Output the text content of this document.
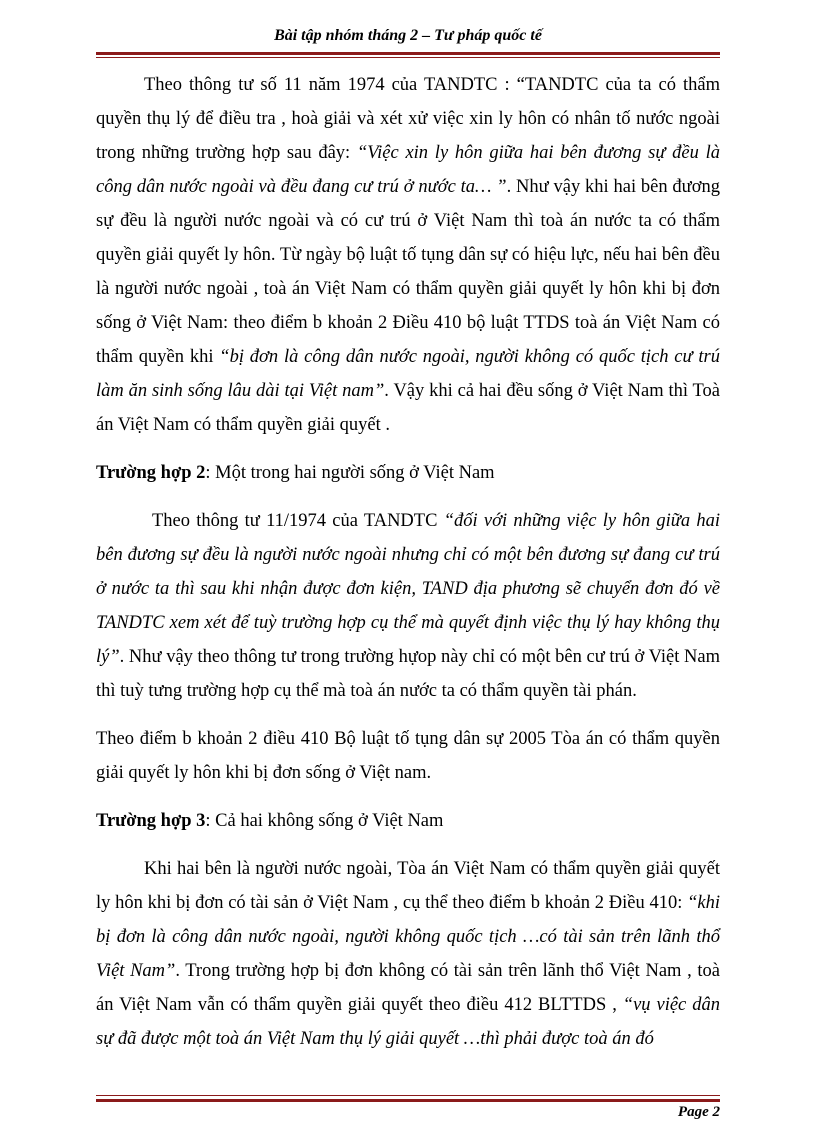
Bài tập nhóm tháng 2 – Tư pháp quốc tế

Theo thông tư số 11 năm 1974 của TANDTC : “TANDTC của ta có thẩm quyền thụ lý để điều tra , hoà giải và xét xử việc xin ly hôn có nhân tố nước ngoài trong những trường hợp sau đây: “Việc xin ly hôn giữa hai bên đương sự đều là công dân nước ngoài và đều đang cư trú ở nước ta… ”. Như vậy khi hai bên đương sự đều là người nước ngoài và có cư trú ở Việt Nam thì toà án nước ta có thẩm quyền giải quyết ly hôn. Từ ngày bộ luật tố tụng dân sự có hiệu lực, nếu hai bên đều là người nước ngoài , toà án Việt Nam có thẩm quyền giải quyết ly hôn khi bị đơn sống ở Việt Nam: theo điểm b khoản 2 Điều 410 bộ luật TTDS toà án Việt Nam có thẩm quyền khi “bị đơn là công dân nước ngoài, người không có quốc tịch cư trú làm ăn sinh sống lâu dài tại Việt nam”. Vậy khi cả hai đều sống ở Việt Nam thì Toà án Việt Nam có thẩm quyền giải quyết .

Trường hợp 2: Một trong hai người sống ở Việt Nam

Theo thông tư 11/1974 của TANDTC “đối với những việc ly hôn giữa hai bên đương sự đều là người nước ngoài nhưng chỉ có một bên đương sự đang cư trú ở nước ta thì sau khi nhận được đơn kiện, TAND địa phương sẽ chuyển đơn đó về TANDTC xem xét để tuỳ trường hợp cụ thể mà quyết định việc thụ lý hay không thụ lý”. Như vậy theo thông tư trong trường hựop này chỉ có một bên cư trú ở Việt Nam thì tuỳ tưng trường hợp cụ thể mà toà án nước ta có thẩm quyền tài phán.

Theo điểm b khoản 2 điều 410 Bộ luật tố tụng dân sự 2005 Tòa án có thẩm quyền giải quyết ly hôn khi bị đơn sống ở Việt nam.

Trường hợp 3: Cả hai không sống ở Việt Nam

Khi hai bên là người nước ngoài, Tòa án Việt Nam có thẩm quyền giải quyết ly hôn khi bị đơn có tài sản ở Việt Nam , cụ thể theo điểm b khoản 2 Điều 410: “khi bị đơn là công dân nước ngoài, người không quốc tịch …có tài sản trên lãnh thổ Việt Nam”. Trong trường hợp bị đơn không có tài sản trên lãnh thổ Việt Nam , toà án Việt Nam vẫn có thẩm quyền giải quyết theo điều 412 BLTTDS , “vụ việc dân sự đã được một toà án Việt Nam thụ lý giải quyết …thì phải được toà án đó

Page 2
